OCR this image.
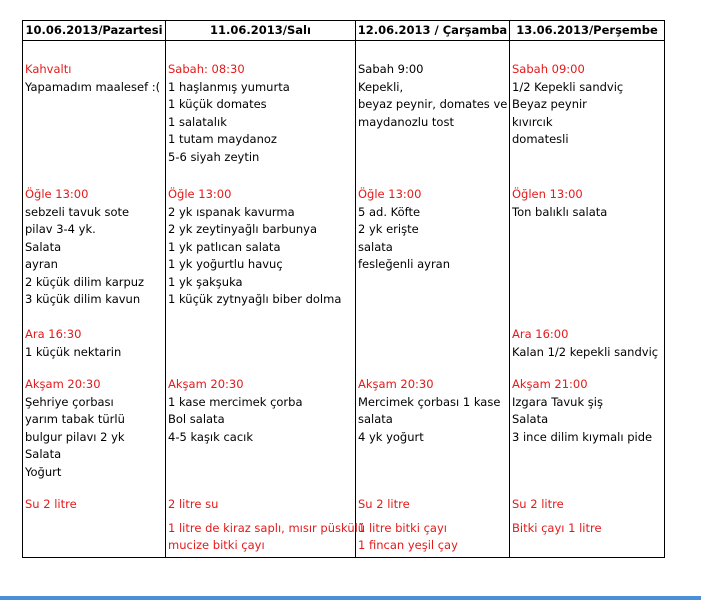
10.06.2013/Pazartesi	11.06.2013/Salı	12.06.2013 / Çarşamba 13.06.2013/Perşembe
Kahvaltı
Yapamadım maalesef :(
Öğle 13:00
sebzeli tavuk sote
pilav 3-4 yk.
Salata
ayran
2 küçük dilim karpuz
3 küçük dilim kavun
Ara 16:30
1 küçük nektarin
Akşam 20:30
Şehriye çorbası
yarım tabak türlü
bulgur pilavı 2 yk
Salata
Yoğurt
Su 2 litre
Sabah: 08:30
1 haşlanmış yumurta
1 küçük domates
1 salatalık
1 tutam maydanoz
5-6 siyah zeytin
Öğle 13:00
2 yk ıspanak kavurma
2 yk zeytinyağlı barbunya
1 yk patlıcan salata
1 yk yoğurtlu havuç
1 yk şakşuka
1 küçük zytnyağlı biber dolma
Akşam 20:30
1 kase mercimek çorba
Bol salata
4-5 kaşık cacık
2 litre su
1 litre de kiraz saplı, mısır püskülü
mucize bitki çayı
Sabah 9:00
Kepekli,
beyaz peynir, domates ve
maydanozlu tost
Öğle 13:00
5 ad. Köfte
2 yk erişte
salata
fesleğenli ayran
Akşam 20:30
Mercimek çorbası 1 kase
salata
4 yk yoğurt
Su 2 litre
1 litre bitki çayı
1 fincan yeşil çay
Sabah 09:00
1/2 Kepekli sandviç
Beyaz peynir
kıvırcık
domatesli
Öğlen 13:00
Ton balıklı salata
Ara 16:00
Kalan 1/2 kepekli sandviç
Akşam 21:00
Izgara Tavuk şiş
Salata
3 ince dilim kıymalı pide
Su 2 litre
Bitki çayı 1 litre
